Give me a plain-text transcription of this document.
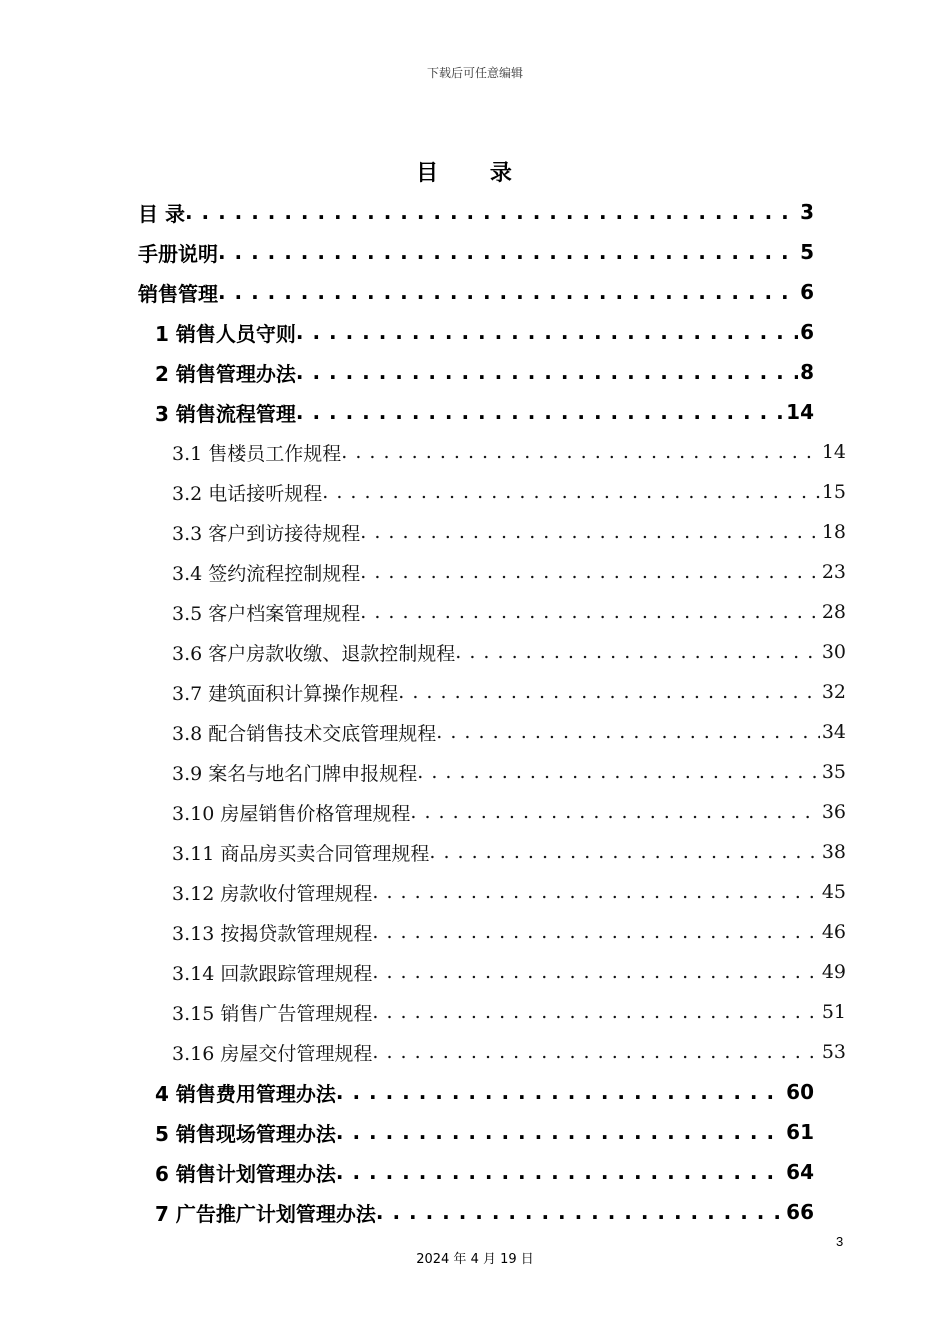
下载后可任意编辑
目 录
目 录 . . .	3
手册说明 . . .	5
销售管理 . . .	6
1 销售人员守则 . . .	6
2 销售管理办法 . . .	8
3 销售流程管理 . . .	14
3.1 售楼员工作规程 . . .	14
3.2 电话接听规程 . . .	15
3.3 客户到访接待规程 . . .	18
3.4 签约流程控制规程 . . .	23
3.5 客户档案管理规程 . . .	28
3.6 客户房款收缴、退款控制规程 . . .	30
3.7 建筑面积计算操作规程 . . .	32
3.8 配合销售技术交底管理规程 . . .	34
3.9 案名与地名门牌申报规程 . . .	35
3.10 房屋销售价格管理规程 . . .	36
3.11 商品房买卖合同管理规程 . . .	38
3.12 房款收付管理规程 . . .	45
3.13 按揭贷款管理规程 . . .	46
3.14 回款跟踪管理规程 . . .	49
3.15 销售广告管理规程 . . .	51
3.16 房屋交付管理规程 . . .	53
4 销售费用管理办法 . . .	60
5 销售现场管理办法 . . .	61
6 销售计划管理办法 . . .	64
7 广告推广计划管理办法 . . .	66
3
2024 年 4 月 19 日
